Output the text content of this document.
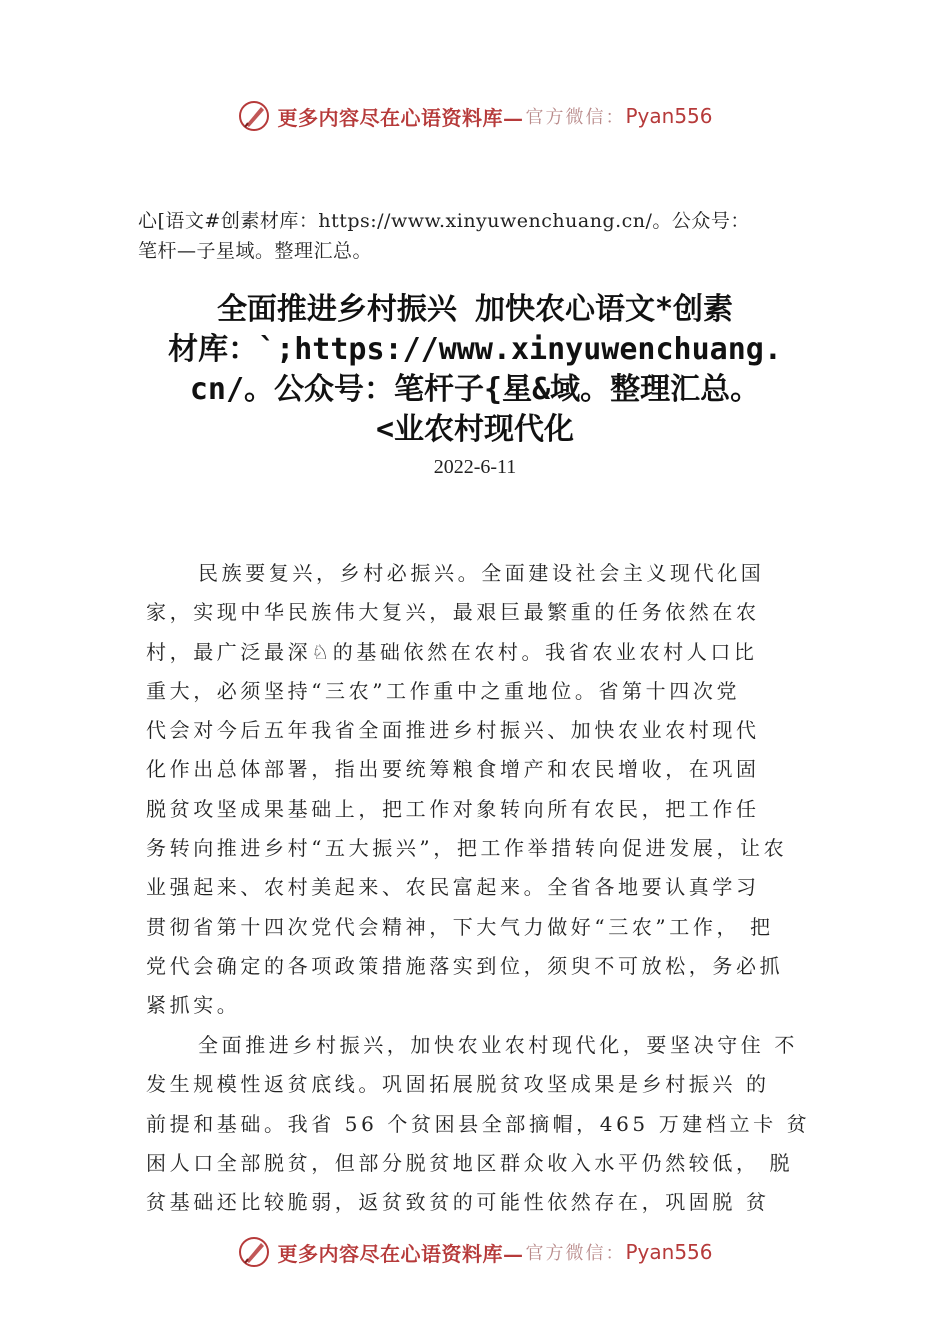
更多内容尽在心语资料库— 官方微信： Pyan556
心[语文#创素材库：https://www.xinyuwenchuang.cn/。公众号：
笔杆—子星域。整理汇总。
全面推进乡村振兴 加快农心语文*创素
材库：`;https://www.xinyuwenchuang.
cn/。公众号：笔杆子{星&域。整理汇总。
<业农村现代化
2022-6-11
民族要复兴，乡村必振兴。全面建设社会主义现代化国
家，实现中华民族伟大复兴，最艰巨最繁重的任务依然在农
村，最广泛最深♘的基础依然在农村。我省农业农村人口比
重大，必须坚持“三农”工作重中之重地位。省第十四次党
代会对今后五年我省全面推进乡村振兴、加快农业农村现代
化作出总体部署，指出要统筹粮食增产和农民增收，在巩固
脱贫攻坚成果基础上，把工作对象转向所有农民，把工作任
务转向推进乡村“五大振兴”，把工作举措转向促进发展，让农
业强起来、农村美起来、农民富起来。全省各地要认真学习
贯彻省第十四次党代会精神，下大气力做好“三农”工作， 把
党代会确定的各项政策措施落实到位，须臾不可放松，务必抓
紧抓实。
全面推进乡村振兴，加快农业农村现代化，要坚决守住 不
发生规模性返贫底线。巩固拓展脱贫攻坚成果是乡村振兴 的
前提和基础。我省 56 个贫困县全部摘帽，465 万建档立卡 贫
困人口全部脱贫，但部分脱贫地区群众收入水平仍然较低， 脱
贫基础还比较脆弱，返贫致贫的可能性依然存在，巩固脱 贫
更多内容尽在心语资料库— 官方微信： Pyan556
